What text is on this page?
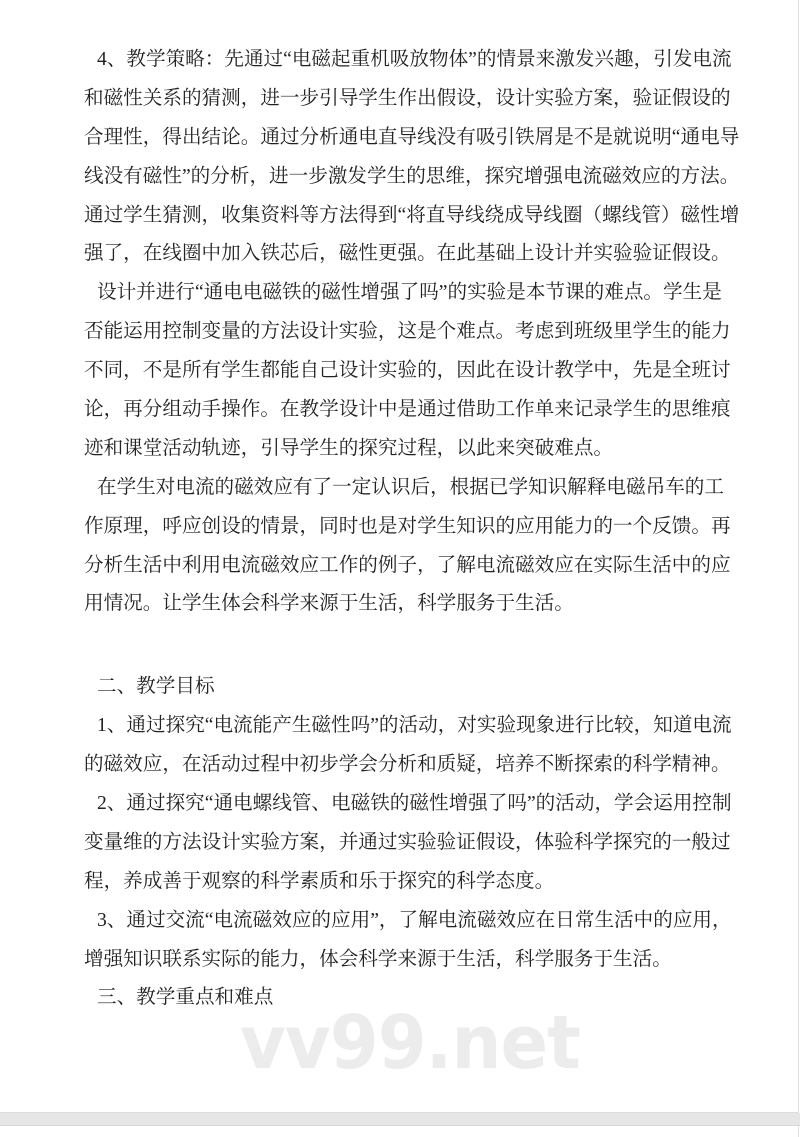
4、教学策略：先通过“电磁起重机吸放物体”的情景来激发兴趣，引发电流
和磁性关系的猜测，进一步引导学生作出假设，设计实验方案，验证假设的
合理性，得出结论。通过分析通电直导线没有吸引铁屑是不是就说明“通电导
线没有磁性”的分析，进一步激发学生的思维，探究增强电流磁效应的方法。
通过学生猜测，收集资料等方法得到“将直导线绕成导线圈（螺线管）磁性增
强了，在线圈中加入铁芯后，磁性更强。在此基础上设计并实验验证假设。
设计并进行“通电电磁铁的磁性增强了吗”的实验是本节课的难点。学生是
否能运用控制变量的方法设计实验，这是个难点。考虑到班级里学生的能力
不同，不是所有学生都能自己设计实验的，因此在设计教学中，先是全班讨
论，再分组动手操作。在教学设计中是通过借助工作单来记录学生的思维痕
迹和课堂活动轨迹，引导学生的探究过程，以此来突破难点。
在学生对电流的磁效应有了一定认识后，根据已学知识解释电磁吊车的工
作原理，呼应创设的情景，同时也是对学生知识的应用能力的一个反馈。再
分析生活中利用电流磁效应工作的例子，了解电流磁效应在实际生活中的应
用情况。让学生体会科学来源于生活，科学服务于生活。
二、教学目标
1、通过探究“电流能产生磁性吗”的活动，对实验现象进行比较，知道电流
的磁效应，在活动过程中初步学会分析和质疑，培养不断探索的科学精神。
2、通过探究“通电螺线管、电磁铁的磁性增强了吗”的活动，学会运用控制
变量维的方法设计实验方案，并通过实验验证假设，体验科学探究的一般过
程，养成善于观察的科学素质和乐于探究的科学态度。
3、通过交流“电流磁效应的应用”，了解电流磁效应在日常生活中的应用，
增强知识联系实际的能力，体会科学来源于生活，科学服务于生活。
三、教学重点和难点
vv99.net
